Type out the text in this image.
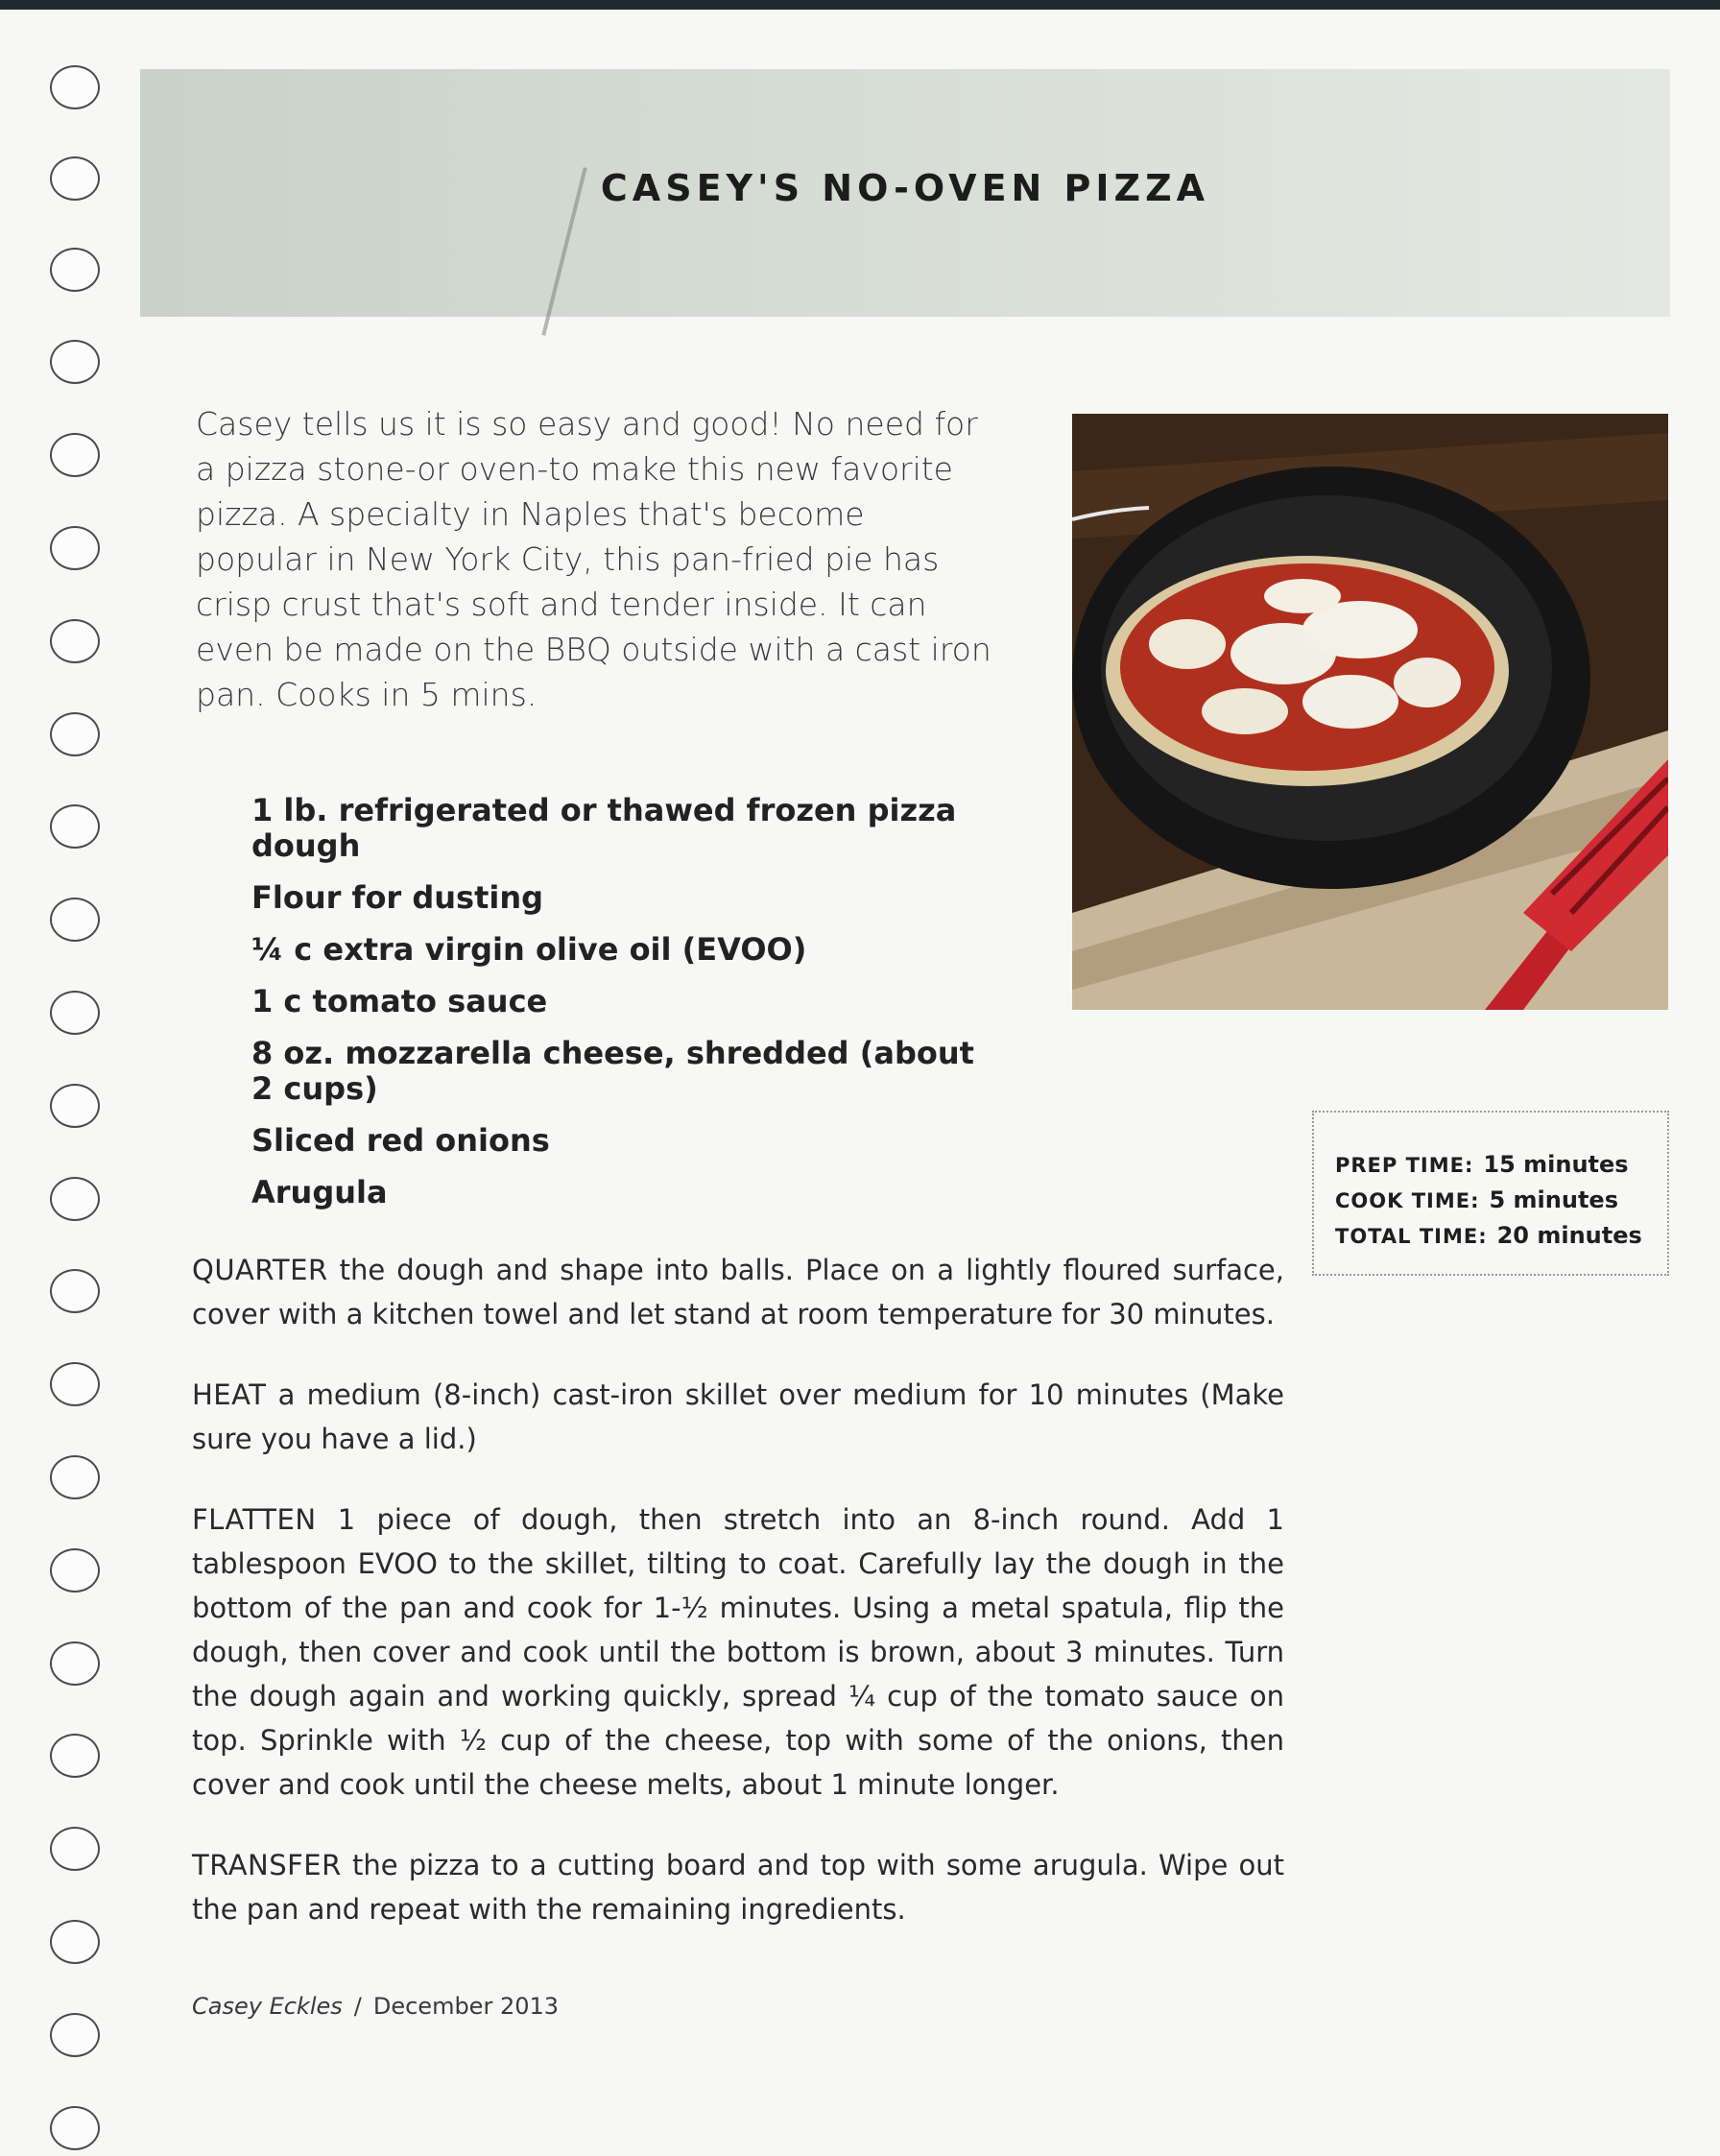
CASEY'S NO-OVEN PIZZA

Casey tells us it is so easy and good! No need for a pizza stone-or oven-to make this new favorite pizza. A specialty in Naples that's become popular in New York City, this pan-fried pie has crisp crust that's soft and tender inside. It can even be made on the BBQ outside with a cast iron pan. Cooks in 5 mins.

1 lb. refrigerated or thawed frozen pizza dough
Flour for dusting
¼ c extra virgin olive oil (EVOO)
1 c tomato sauce
8 oz. mozzarella cheese, shredded (about 2 cups)
Sliced red onions
Arugula
PREP TIME: 15 minutes
COOK TIME: 5 minutes
TOTAL TIME: 20 minutes

QUARTER the dough and shape into balls. Place on a lightly floured surface, cover with a kitchen towel and let stand at room temperature for 30 minutes.

HEAT a medium (8-inch) cast-iron skillet over medium for 10 minutes (Make sure you have a lid.)

FLATTEN 1 piece of dough, then stretch into an 8-inch round. Add 1 tablespoon EVOO to the skillet, tilting to coat. Carefully lay the dough in the bottom of the pan and cook for 1-½ minutes. Using a metal spatula, flip the dough, then cover and cook until the bottom is brown, about 3 minutes. Turn the dough again and working quickly, spread ¼ cup of the tomato sauce on top. Sprinkle with ½ cup of the cheese, top with some of the onions, then cover and cook until the cheese melts, about 1 minute longer.

TRANSFER the pizza to a cutting board and top with some arugula. Wipe out the pan and repeat with the remaining ingredients.

Casey Eckles / December 2013
